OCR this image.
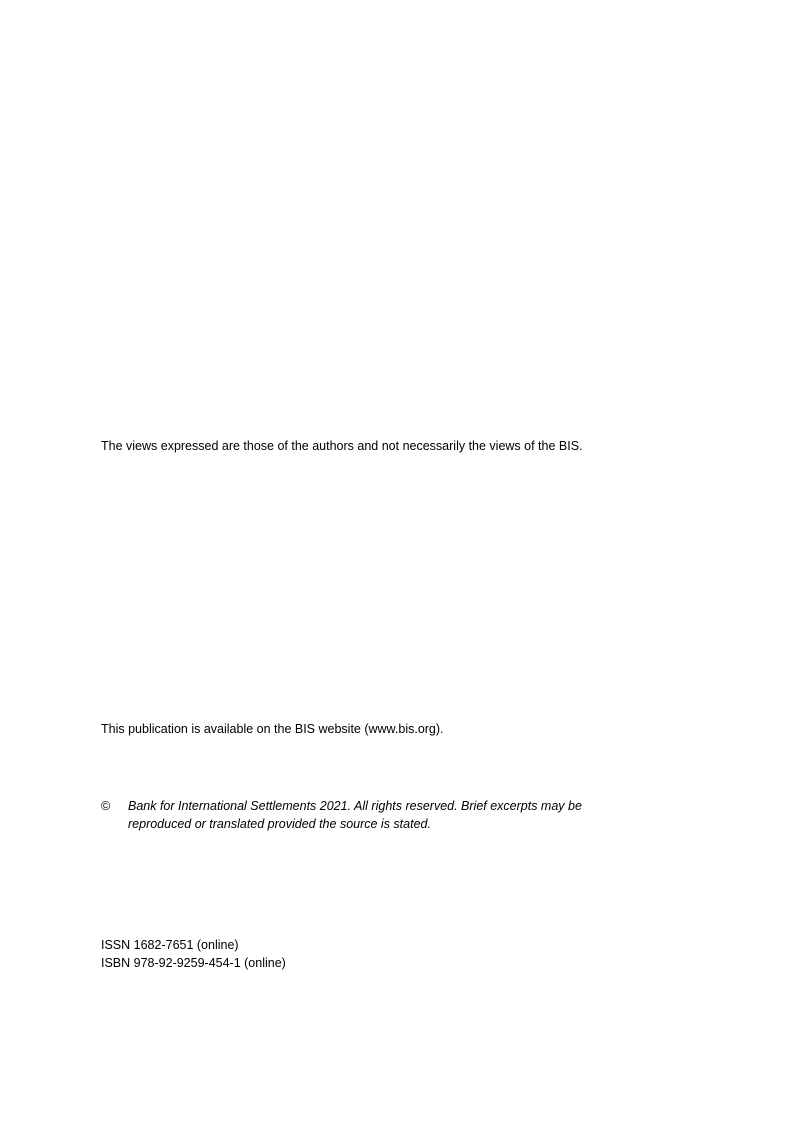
The views expressed are those of the authors and not necessarily the views of the BIS.
This publication is available on the BIS website (www.bis.org).
©	Bank for International Settlements 2021. All rights reserved. Brief excerpts may be
reproduced or translated provided the source is stated.
ISSN 1682-7651 (online)
ISBN 978-92-9259-454-1 (online)
